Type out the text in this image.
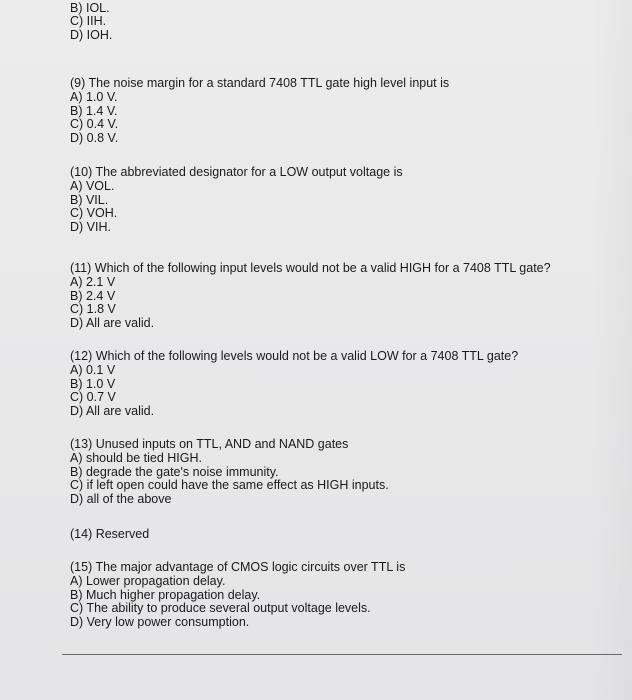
B) IOL.
C) IIH.
D) IOH.
(9) The noise margin for a standard 7408 TTL gate high level input is
A) 1.0 V.
B) 1.4 V.
C) 0.4 V.
D) 0.8 V.
(10) The abbreviated designator for a LOW output voltage is
A) VOL.
B) VIL.
C) VOH.
D) VIH.
(11) Which of the following input levels would not be a valid HIGH for a 7408 TTL gate?
A) 2.1 V
B) 2.4 V
C) 1.8 V
D) All are valid.
(12) Which of the following levels would not be a valid LOW for a 7408 TTL gate?
A) 0.1 V
B) 1.0 V
C) 0.7 V
D) All are valid.
(13) Unused inputs on TTL, AND and NAND gates
A) should be tied HIGH.
B) degrade the gate's noise immunity.
C) if left open could have the same effect as HIGH inputs.
D) all of the above
(14) Reserved
(15) The major advantage of CMOS logic circuits over TTL is
A) Lower propagation delay.
B) Much higher propagation delay.
C) The ability to produce several output voltage levels.
D) Very low power consumption.
